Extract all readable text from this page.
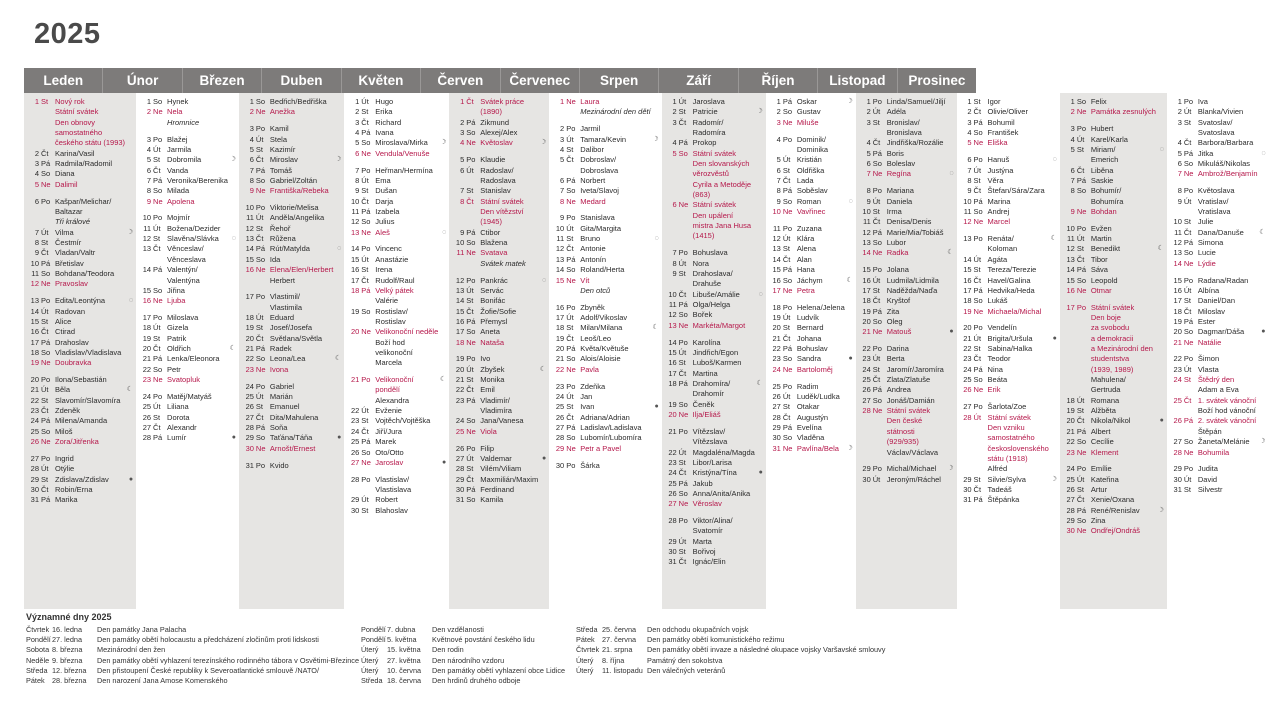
2025
Leden	Únor	Březen	Duben	Květen	Červen	Červenec	Srpen	Září	Říjen	Listopad	Prosinec
1 St Nový rok
Státní svátek
Den obnovy
samostatného
českého státu (1993)
2 Čt Karina/Vasil
3 Pá Radmila/Radomil
4 So Diana
5 Ne Dalimil
6 Po Kašpar/Melichar/
Baltazar
Tři králové
7 Út Vilma	☽
8 St Čestmír
9 Čt Vladan/Valtr
10 Pá Břetislav
11 So Bohdana/Teodora
12 Ne Pravoslav
13 Po Edita/Leontýna	◌
14 Út Radovan
15 St Alice
16 Čt Ctirad
17 Pá Drahoslav
18 So Vladislav/Vladislava
19 Ne Doubravka
20 Po Ilona/Sebastián
21 Út Běla	☾
22 St Slavomír/Slavomíra
23 Čt Zdeněk
24 Pá Milena/Amanda
25 So Miloš
26 Ne Zora/Jitřenka
27 Po Ingrid
28 Út Otýlie
29 St Zdislava/Zdislav	●
30 Čt Robin/Erna
31 Pá Marika
1 So Hynek
2 Ne Nela
Hromnice
3 Po Blažej
4 Út Jarmila
5 St Dobromila	☽
6 Čt Vanda
7 Pá Veronika/Berenika
8 So Milada
9 Ne Apolena
10 Po Mojmír
11 Út Božena/Dezider
12 St Slavěna/Slávka ◌
13 Čt Věnceslav/
Věnceslava
14 Pá Valentýn/
Valentýna
15 So Jiřina
16 Ne Ljuba
17 Po Miloslava
18 Út Gizela
19 St Patrik
20 Čt Oldřich	☾
21 Pá Lenka/Eleonora
22 So Petr
23 Ne Svatopluk
24 Po Matěj/Matyáš
25 Út Liliana
26 St Dorota
27 Čt Alexandr
28 Pá Lumír	●
1 So Bedřich/Bedřiška
2 Ne Anežka
3 Po Kamil
4 Út Stela
5 St Kazimír
6 Čt Miroslav	☽
7 Pá Tomáš
8 So Gabriel/Zoltán
9 Ne Františka/Rebeka
10 Po Viktorie/Melisa
11 Út Anděla/Angelika
12 St Řehoř
13 Čt Růžena
14 Pá Rút/Matylda	◌
15 So Ida
16 Ne Elena/Elen/Herbert
Herbert
17 Po Vlastimil/
Vlastimila
18 Út Eduard
19 St Josef/Josefa
20 Čt Světlana/Světla
21 Pá Radek
22 So Leona/Lea	☾
23 Ne Ivona
24 Po Gabriel
25 Út Marián
26 St Emanuel
27 Čt Dita/Mahulena
28 Pá Soňa
29 So Taťána/Táňa	●
30 Ne Arnošt/Ernest
31 Po Kvido
1 Út Hugo
2 St Erika
3 Čt Richard
4 Pá Ivana
5 So Miroslava/Mirka ☽
6 Ne Vendula/Venuše
7 Po Heřman/Hermína
8 Út Ema
9 St Dušan
10 Čt Darja
11 Pá Izabela
12 So Julius
13 Ne Aleš	◌
14 Po Vincenc
15 Út Anastázie
16 St Irena
17 Čt Rudolf/Raul
18 Pá Velký pátek
Valérie
19 So Rostislav/
Rostislav
20 Ne Velikonoční neděle
Boží hod
velikonoční
Marcela
21 Po Velikonoční	☾
pondělí
Alexandra
22 Út Evženie
23 St Vojtěch/Vojtěška
24 Čt Jiří/Jura
25 Pá Marek
26 So Oto/Otto
27 Ne Jaroslav	●
28 Po Vlastislav/
Vlastislava
29 Út Robert
30 St Blahoslav
1 Čt Svátek práce
(1890)
2 Pá Zikmund
3 So Alexej/Alex
4 Ne Květoslav	☽
5 Po Klaudie
6 Út Radoslav/
Radoslava
7 St Stanislav
8 Čt Státní svátek
Den vítězství
(1945)
9 Pá Ctibor
10 So Blažena
11 Ne Svatava
Svátek matek
12 Po Pankrác	◌
13 Út Servác
14 St Bonifác
15 Čt Žofie/Sofie
16 Pá Přemysl
17 So Aneta
18 Ne Nataša
19 Po Ivo
20 Út Zbyšek	☾
21 St Monika
22 Čt Emil
23 Pá Vladimír/
Vladimíra
24 So Jana/Vanesa
25 Ne Viola
26 Po Filip
27 Út Valdemar	●
28 St Vilém/Viliam
29 Čt Maxmilián/Maxim
30 Pá Ferdinand
31 So Kamila
1 Ne Laura
Mezinárodní den dětí
2 Po Jarmil
3 Út Tamara/Kevin	☽
4 St Dalibor
5 Čt Dobroslav/
Dobroslava
6 Pá Norbert
7 So Iveta/Slavoj
8 Ne Medard
9 Po Stanislava
10 Út Gita/Margita
11 St Bruno	◌
12 Čt Antonie
13 Pá Antonín
14 So Roland/Herta
15 Ne Vít
Den otců
16 Po Zbyněk
17 Út Adolf/Vikoslav
18 St Milan/Milana	☾
19 Čt Leoš/Leo
20 Pá Květa/Květuše
21 So Alois/Aloisie
22 Ne Pavla
23 Po Zdeňka
24 Út Jan
25 St Ivan	●
26 Čt Adriana/Adrian
27 Pá Ladislav/Ladislava
28 So Lubomír/Lubomíra
29 Ne Petr a Pavel
30 Po Šárka
1 Út Jaroslava
2 St Patricie	☽
3 Čt Radomír/
Radomíra
4 Pá Prokop
5 So Státní svátek
Den slovanských
věrozvěstů
Cyrila a Metoděje
(863)
6 Ne Státní svátek
Den upálení
mistra Jana Husa
(1415)
7 Po Bohuslava
8 Út Nora
9 St Drahoslava/
Drahuše
10 Čt Libuše/Amálie	◌
11 Pá Olga/Helga
12 So Bořek
13 Ne Markéta/Margot
14 Po Karolína
15 Út Jindřich/Egon
16 St Luboš/Karmen
17 Čt Martina
18 Pá Drahomíra/	☾
Drahomír
19 So Čeněk
20 Ne Ilja/Eliáš
21 Po Vítězslav/
Vítězslava
22 Út Magdaléna/Magda
23 St Libor/Larisa
24 Čt Kristýna/Tína	●
25 Pá Jakub
26 So Anna/Anita/Anika
27 Ne Věroslav
28 Po Viktor/Alina/
Svatomír
29 Út Marta
30 St Bořivoj
31 Čt Ignác/Elin
1 Pá Oskar	☽
2 So Gustav
3 Ne Miluše
4 Po Dominik/
Dominika
5 Út Kristián
6 St Oldřiška
7 Čt Lada
8 Pá Soběslav
9 So Roman	◌
10 Ne Vavřinec
11 Po Zuzana
12 Út Klára
13 St Alena
14 Čt Alan
15 Pá Hana
16 So Jáchym	☾
17 Ne Petra
18 Po Helena/Jelena
19 Út Ludvík
20 St Bernard
21 Čt Johana
22 Pá Bohuslav
23 So Sandra	●
24 Ne Bartoloměj
25 Po Radim
26 Út Luděk/Ludka
27 St Otakar
28 Čt Augustýn
29 Pá Evelína
30 So Vladěna
31 Ne Pavlína/Bela ☽
1 Po Linda/Samuel/Jiljí
2 Út Adéla
3 St Bronislav/
Bronislava
4 Čt Jindřiška/Rozálie
5 Pá Boris
6 So Boleslav
7 Ne Regína	◌
8 Po Mariana
9 Út Daniela
10 St Irma
11 Čt Denisa/Denis
12 Pá Marie/Mia/Tobiáš
13 So Lubor
14 Ne Radka	☾
15 Po Jolana
16 Út Ludmila/Lidmila
17 St Naděžda/Naďa
18 Čt Kryštof
19 Pá Zita
20 So Oleg
21 Ne Matouš	●
22 Po Darina
23 Út Berta
24 St Jaromír/Jaromíra
25 Čt Zlata/Zlatuše
26 Pá Andrea
27 So Jonáš/Damián
28 Ne Státní svátek
Den české
státnosti
(929/935)
Václav/Václava
29 Po Michal/Michael ☽
30 Út Jeroným/Ráchel
1 St Igor
2 Čt Olivie/Oliver
3 Pá Bohumil
4 So František
5 Ne Eliška
6 Po Hanuš	◌
7 Út Justýna
8 St Věra
9 Čt Štefan/Sára/Zara
10 Pá Marina
11 So Andrej
12 Ne Marcel
13 Po Renáta/	☾
Koloman
14 Út Agáta
15 St Tereza/Terezie
16 Čt Havel/Galina
17 Pá Hedvika/Heda
18 So Lukáš
19 Ne Michaela/Michal
20 Po Vendelín
21 Út Brigita/Uršula	●
22 St Sabina/Halka
23 Čt Teodor
24 Pá Nina
25 So Beáta
26 Ne Erik
27 Po Šarlota/Zoe
28 Út Státní svátek
Den vzniku
samostatného
československého
státu (1918)
Alfréd
29 St Silvie/Sylva	☽
30 Čt Tadeáš
31 Pá Štěpánka
1 So Felix
2 Ne Památka zesnulých
3 Po Hubert
4 Út Karel/Karla
5 St Miriam/	◌
Emerich
6 Čt Liběna
7 Pá Saskie
8 So Bohumír/
Bohumíra
9 Ne Bohdan
10 Po Evžen
11 Út Martin
12 St Benedikt	☾
13 Čt Tibor
14 Pá Sáva
15 So Leopold
16 Ne Otmar
17 Po Státní svátek
Den boje
za svobodu
a demokracii
a Mezinárodní den
studentstva
(1939, 1989)
Mahulena/
Gertruda
18 Út Romana
19 St Alžběta
20 Čt Nikola/Nikol	●
21 Pá Albert
22 So Cecílie
23 Ne Klement
24 Po Emílie
25 Út Kateřina
26 St Artur
27 Čt Xenie/Oxana
28 Pá René/Renislav	☽
29 So Zina
30 Ne Ondřej/Ondráš
1 Po Iva
2 Út Blanka/Vivien
3 St Svatoslav/
Svatoslava
4 Čt Barbora/Barbara
5 Pá Jitka	◌
6 So Mikuláš/Nikolas
7 Ne Ambrož/Benjamín
8 Po Květoslava
9 Út Vratislav/
Vratislava
10 St Julie
11 Čt Dana/Danuše ☾
12 Pá Simona
13 So Lucie
14 Ne Lýdie
15 Po Radana/Radan
16 Út Albína
17 St Daniel/Dan
18 Čt Miloslav
19 Pá Ester
20 So Dagmar/Dáša ●
21 Ne Natálie
22 Po Šimon
23 Út Vlasta
24 St Štědrý den
Adam a Eva
25 Čt 1. svátek vánoční
Boží hod vánoční
26 Pá 2. svátek vánoční
Štěpán
27 So Žaneta/Melánie ☽
28 Ne Bohumila
29 Po Judita
30 Út David
31 St Silvestr
Významné dny 2025
Čtvrtek 16. ledna	Den památky Jana Palacha
Pondělí 27. ledna	Den památky obětí holocaustu a předcházení zločinům proti lidskosti
Sobota 8. března	Mezinárodní den žen
Neděle 9. března	Den památky obětí vyhlazení terezínského rodinného tábora v Osvětimi-Březince
Středa 12. března	Den přistoupení České republiky k Severoatlantické smlouvě /NATO/
Pátek	28. března	Den narození Jana Amose Komenského
Pondělí 7. dubna	Den vzdělanosti
Pondělí 5. května	Květnové povstání českého lidu
Úterý	15. května	Den rodin
Úterý	27. května	Den národního vzdoru
Úterý	10. června	Den památky obětí vyhlazení obce Lidice
Středa 18. června	Den hrdinů druhého odboje
Středa 25. června	Den odchodu okupačních vojsk
Pátek	27. června	Den památky obětí komunistického režimu
Čtvrtek 21. srpna	Den památky obětí invaze a následné okupace vojsky Varšavské smlouvy
Úterý	8. října	Památný den sokolstva
Úterý	11. listopadu Den válečných veteránů
